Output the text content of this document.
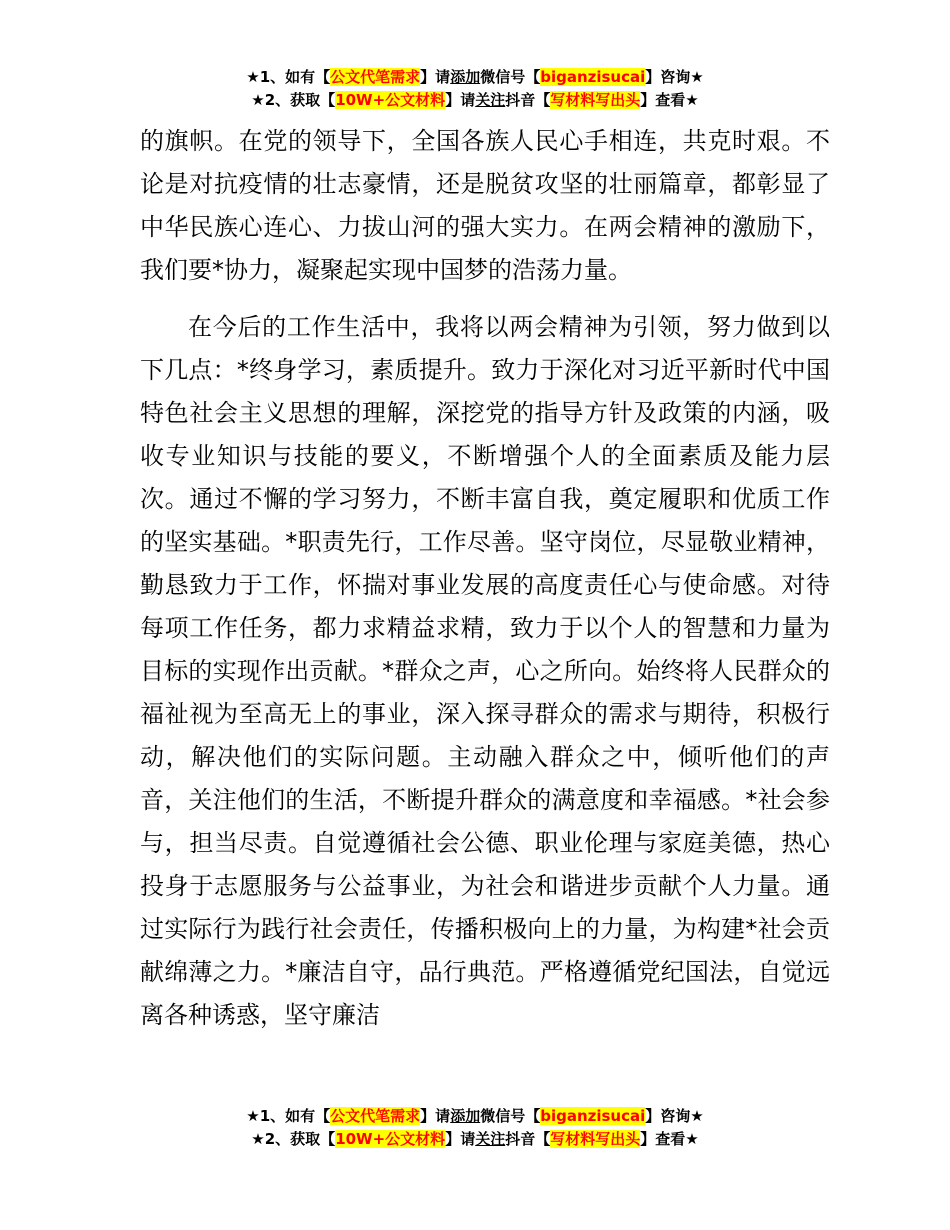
★1、如有【公文代笔需求】请添加微信号【biganzisucai】咨询★
★2、获取【10W+公文材料】请关注抖音【写材料写出头】查看★

的旗帜。在党的领导下，全国各族人民心手相连，共克时艰。不论是对抗疫情的壮志豪情，还是脱贫攻坚的壮丽篇章，都彰显了中华民族心连心、力拔山河的强大实力。在两会精神的激励下，我们要*协力，凝聚起实现中国梦的浩荡力量。

在今后的工作生活中，我将以两会精神为引领，努力做到以下几点：*终身学习，素质提升。致力于深化对习近平新时代中国特色社会主义思想的理解，深挖党的指导方针及政策的内涵，吸收专业知识与技能的要义，不断增强个人的全面素质及能力层次。通过不懈的学习努力，不断丰富自我，奠定履职和优质工作的坚实基础。*职责先行，工作尽善。坚守岗位，尽显敬业精神，勤恳致力于工作，怀揣对事业发展的高度责任心与使命感。对待每项工作任务，都力求精益求精，致力于以个人的智慧和力量为目标的实现作出贡献。*群众之声，心之所向。始终将人民群众的福祉视为至高无上的事业，深入探寻群众的需求与期待，积极行动，解决他们的实际问题。主动融入群众之中，倾听他们的声音，关注他们的生活，不断提升群众的满意度和幸福感。*社会参与，担当尽责。自觉遵循社会公德、职业伦理与家庭美德，热心投身于志愿服务与公益事业，为社会和谐进步贡献个人力量。通过实际行为践行社会责任，传播积极向上的力量，为构建*社会贡献绵薄之力。*廉洁自守，品行典范。严格遵循党纪国法，自觉远离各种诱惑，坚守廉洁

★1、如有【公文代笔需求】请添加微信号【biganzisucai】咨询★
★2、获取【10W+公文材料】请关注抖音【写材料写出头】查看★
